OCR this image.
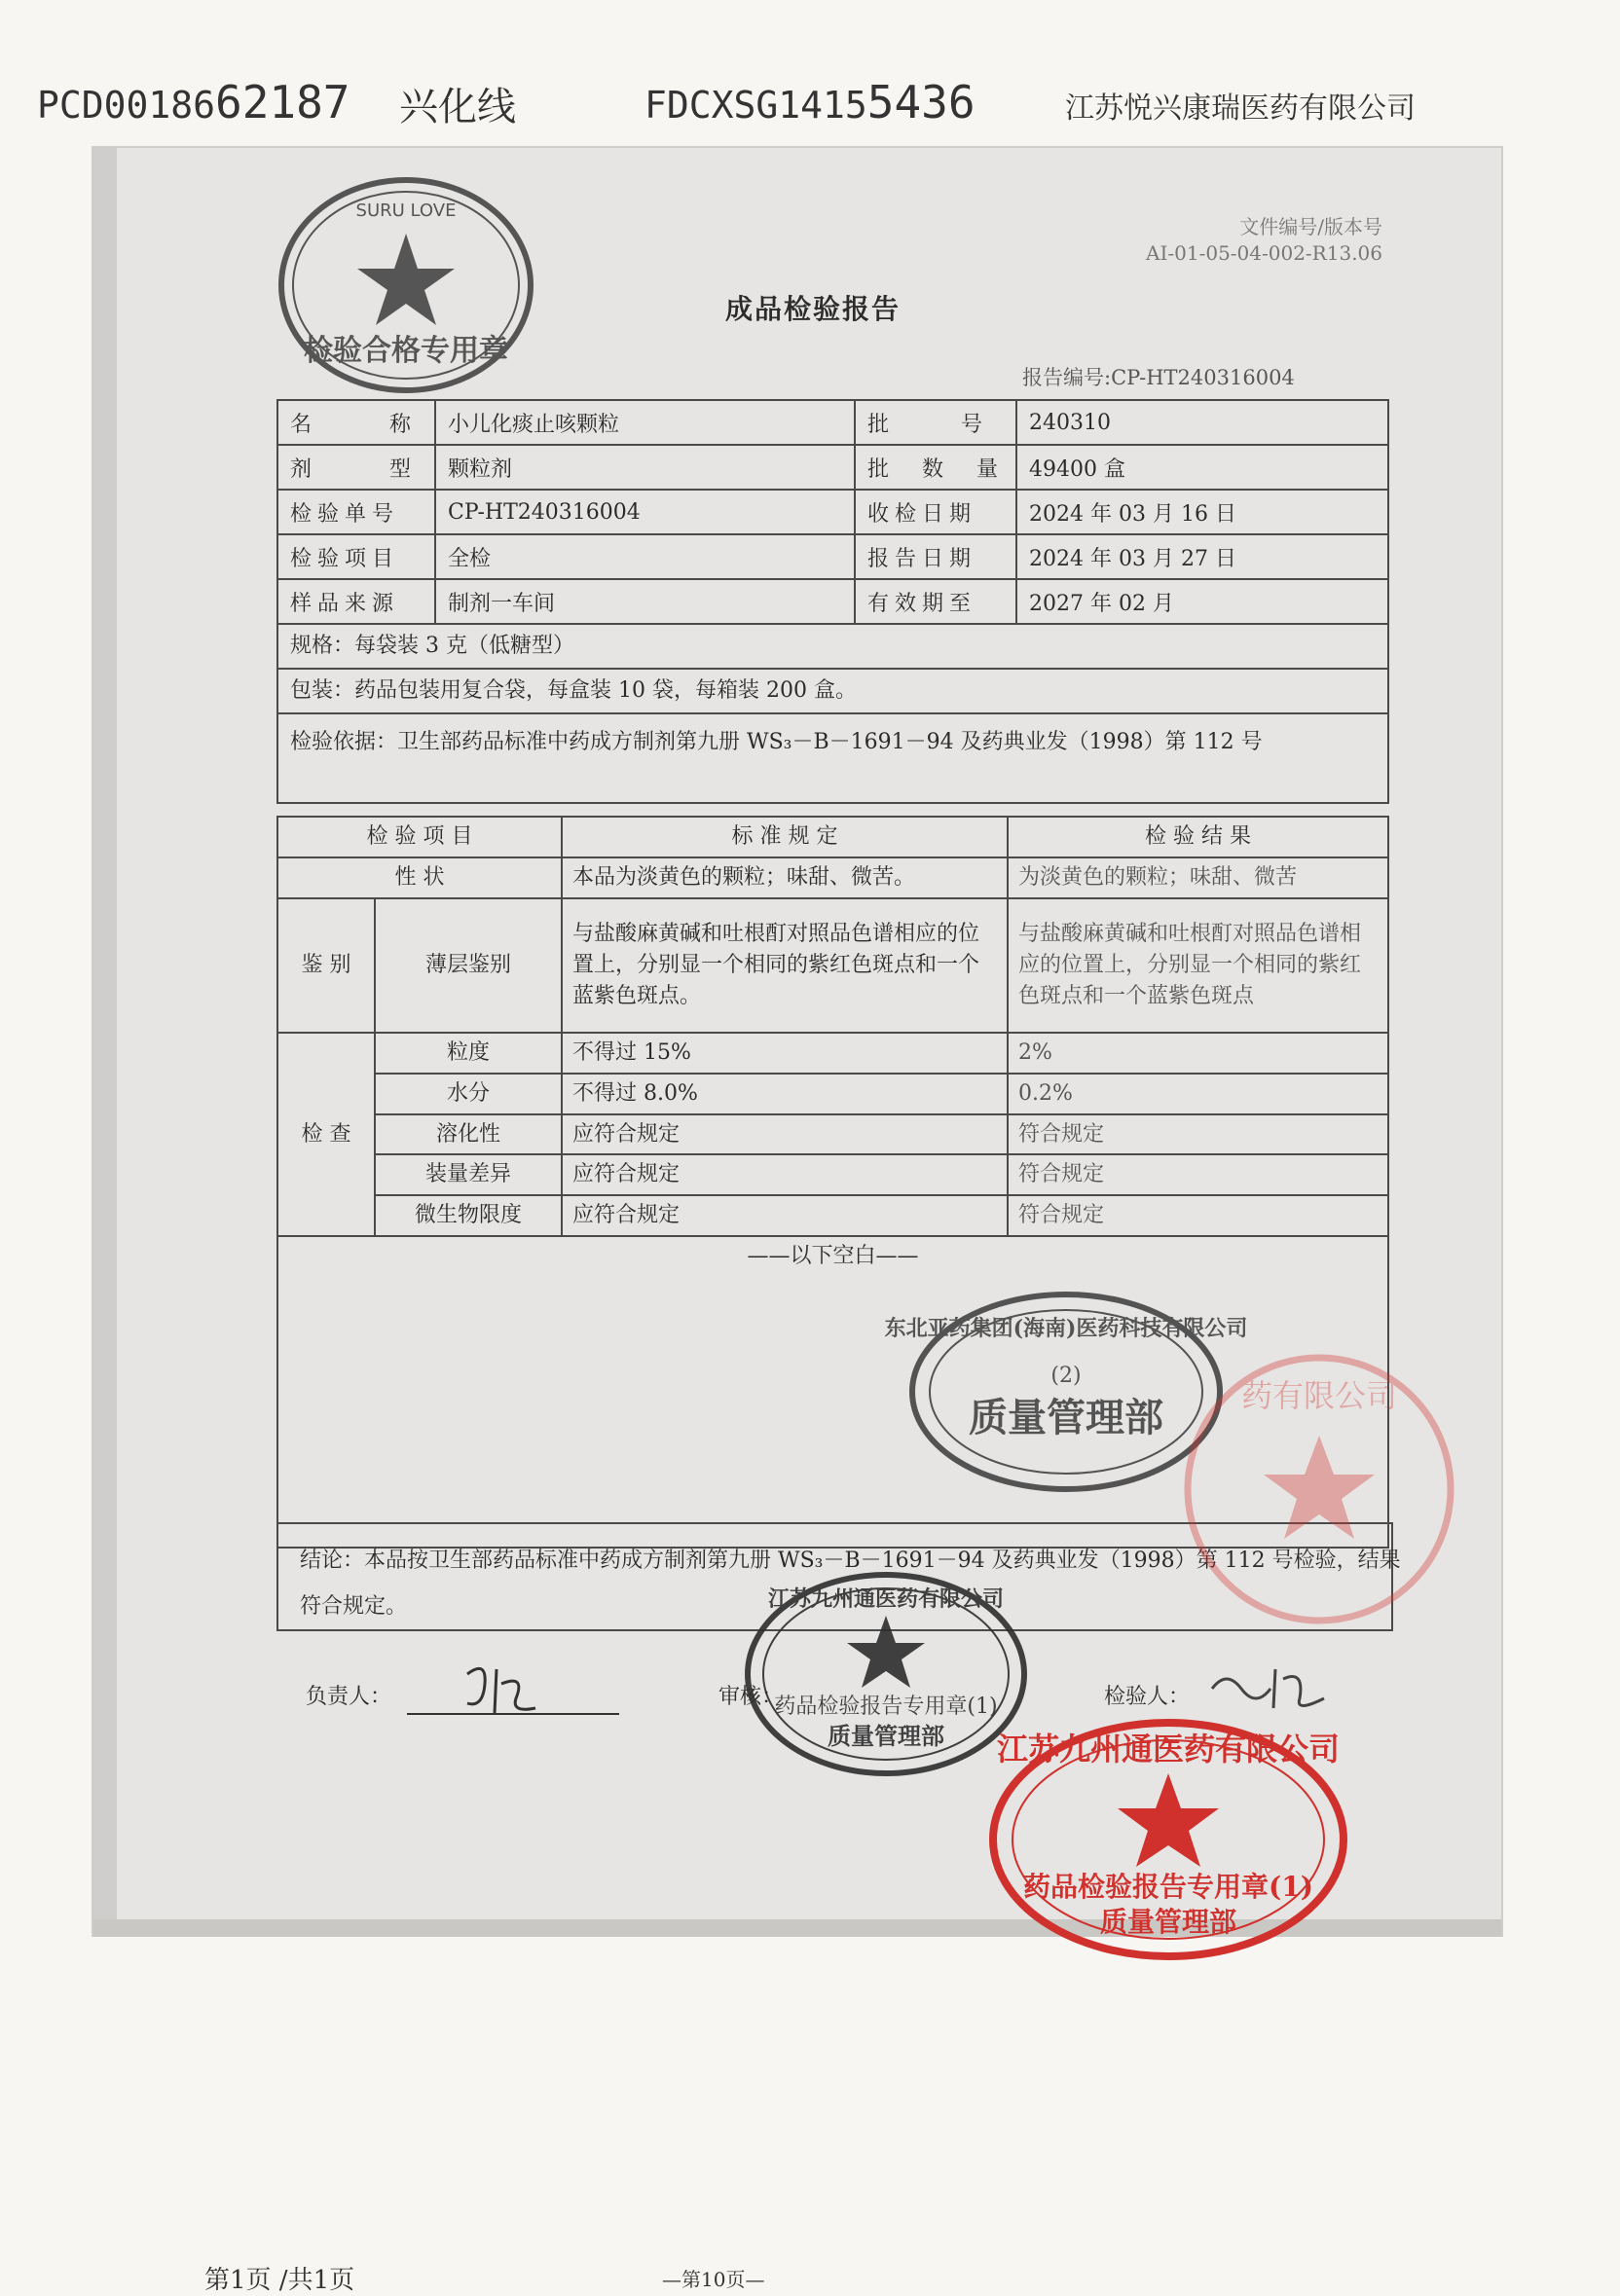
PCD0018662187 兴化线	FDCXSG14155436	江苏悦兴康瑞医药有限公司
文件编号/版本号
AI-01-05-04-002-R13.06
成品检验报告
报告编号:CP-HT240316004
名　　称	小儿化痰止咳颗粒	批　　号	240310
剂　　型	颗粒剂	批　数　量	49400 盒
检验单号	CP-HT240316004	收检日期	2024 年 03 月 16 日
检验项目	全检	报告日期	2024 年 03 月 27 日
样品来源	制剂一车间	有效期至	2027 年 02 月
规格：每袋装 3 克（低糖型）			
包装：药品包装用复合袋，每盒装 10 袋，每箱装 200 盒。			
检验依据：卫生部药品标准中药成方制剂第九册 WS₃－B－1691－94 及药典业发（1998）第 112 号			
检 验 项 目		标 准 规 定	检 验 结 果
性 状		本品为淡黄色的颗粒；味甜、微苦。	为淡黄色的颗粒；味甜、微苦
鉴 别	薄层鉴别	与盐酸麻黄碱和吐根酊对照品色谱相应的位置上，分别显一个相同的紫红色斑点和一个蓝紫色斑点。	与盐酸麻黄碱和吐根酊对照品色谱相应的位置上，分别显一个相同的紫红色斑点和一个蓝紫色斑点
检 查	粒度	不得过 15%	2%
	水分	不得过 8.0%	0.2%
	溶化性	应符合规定	符合规定
	装量差异	应符合规定	符合规定
	微生物限度	应符合规定	符合规定
——以下空白——			
结论：本品按卫生部药品标准中药成方制剂第九册 WS₃－B－1691－94 及药典业发（1998）第 112 号检验，结果符合规定。
负责人：	审核：	检验人：
SURU LOVE
检验合格专用章
东北亚药集团(海南)医药科技有限公司
(2)
质量管理部 药有限公司
江苏九州通医药有限公司
药品检验报告专用章(1)
质量管理部 江苏九州通医药有限公司
药品检验报告专用章(1)
质量管理部
第1页 /共1页	—第10页—
